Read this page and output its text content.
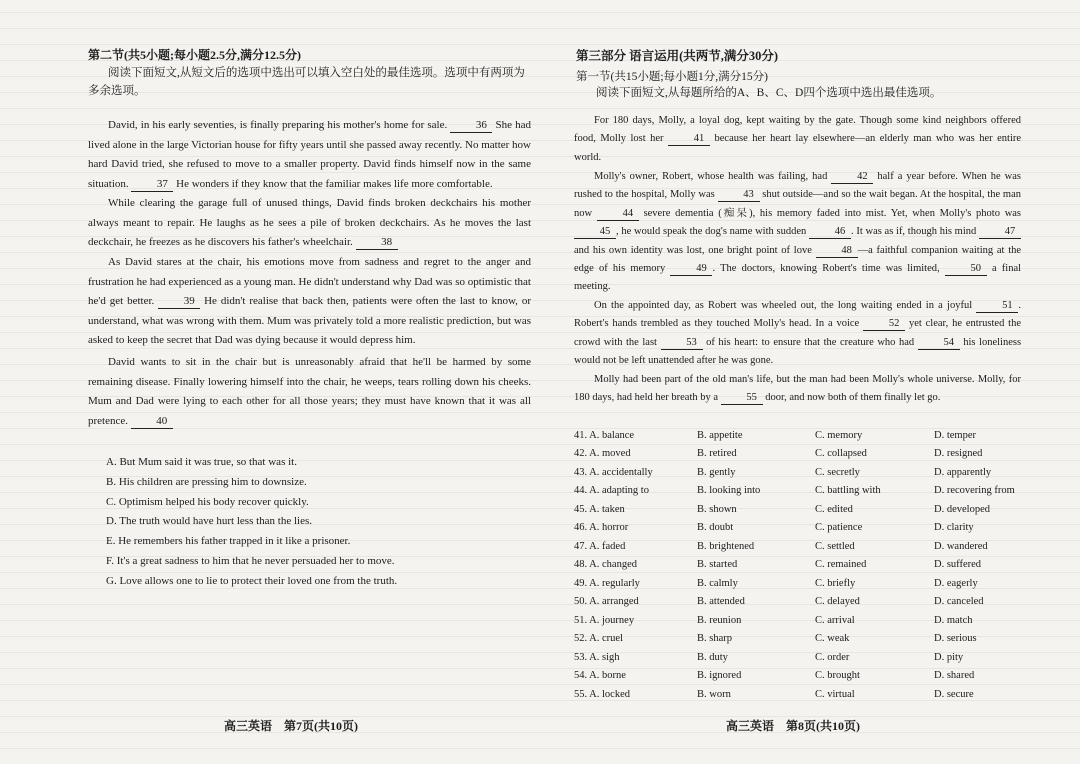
第二节(共5小题;每小题2.5分,满分12.5分)
阅读下面短文,从短文后的选项中选出可以填入空白处的最佳选项。选项中有两项为多余选项。
David, in his early seventies, is finally preparing his mother's home for sale.	36 She had lived alone in the large Victorian house for fifty years until she passed away recently. No matter how hard David tried, she refused to move to a smaller property. David finds himself now in the same situation.	37 He wonders if they know that the familiar makes life more comfortable.
While clearing the garage full of unused things, David finds broken deckchairs his mother always meant to repair. He laughs as he sees a pile of broken deckchairs. As he moves the last deckchair, he freezes as he discovers his father's wheelchair.	38
As David stares at the chair, his emotions move from sadness and regret to the anger and frustration he had experienced as a young man. He didn't understand why Dad was so optimistic that he'd get better.	39 He didn't realise that back then, patients were often the last to know, or understand, what was wrong with them. Mum was privately told a more realistic prediction, but was asked to keep the secret that Dad was dying because it would depress him.
David wants to sit in the chair but is unreasonably afraid that he'll be harmed by some remaining disease. Finally lowering himself into the chair, he weeps, tears rolling down his cheeks. Mum and Dad were lying to each other for all those years; they must have known that it was all pretence.	40
A. But Mum said it was true, so that was it.
B. His children are pressing him to downsize.
C. Optimism helped his body recover quickly.
D. The truth would have hurt less than the lies.
E. He remembers his father trapped in it like a prisoner.
F. It's a great sadness to him that he never persuaded her to move.
G. Love allows one to lie to protect their loved one from the truth.
高三英语　第7页(共10页)
第三部分 语言运用(共两节,满分30分)
第一节(共15小题;每小题1分,满分15分)
阅读下面短文,从每题所给的A、B、C、D四个选项中选出最佳选项。
For 180 days, Molly, a loyal dog, kept waiting by the gate. Though some kind neighbors offered food, Molly lost her	41 because her heart lay elsewhere—an elderly man who was her entire world.
Molly's owner, Robert, whose health was failing, had	42 half a year before. When he was rushed to the hospital, Molly was	43 shut outside—and so the wait began. At the hospital, the man now	44 severe dementia (痴呆), his memory faded into mist. Yet, when Molly's photo was 45 , he would speak the dog's name with sudden	46 . It was as if, though his mind	47 and his own identity was lost, one bright point of love	48 —a faithful companion waiting at the edge of his memory	49 . The doctors, knowing Robert's time was limited,	50 a final meeting.
On the appointed day, as Robert was wheeled out, the long waiting ended in a joyful	51 . Robert's hands trembled as they touched Molly's head. In a voice	52 yet clear, he entrusted the crowd with the last	53 of his heart: to ensure that the creature who had	54 his loneliness would not be left unattended after he was gone.
Molly had been part of the old man's life, but the man had been Molly's whole universe. Molly, for 180 days, had held her breath by a	55 door, and now both of them finally let go.
41. A. balance	B. appetite	C. memory	D. temper
42. A. moved	B. retired	C. collapsed	D. resigned
43. A. accidentally	B. gently	C. secretly	D. apparently
44. A. adapting to	B. looking into	C. battling with	D. recovering from
45. A. taken	B. shown	C. edited	D. developed
46. A. horror	B. doubt	C. patience	D. clarity
47. A. faded	B. brightened	C. settled	D. wandered
48. A. changed	B. started	C. remained	D. suffered
49. A. regularly	B. calmly	C. briefly	D. eagerly
50. A. arranged	B. attended	C. delayed	D. canceled
51. A. journey	B. reunion	C. arrival	D. match
52. A. cruel	B. sharp	C. weak	D. serious
53. A. sigh	B. duty	C. order	D. pity
54. A. borne	B. ignored	C. brought	D. shared
55. A. locked	B. worn	C. virtual	D. secure
高三英语　第8页(共10页)
